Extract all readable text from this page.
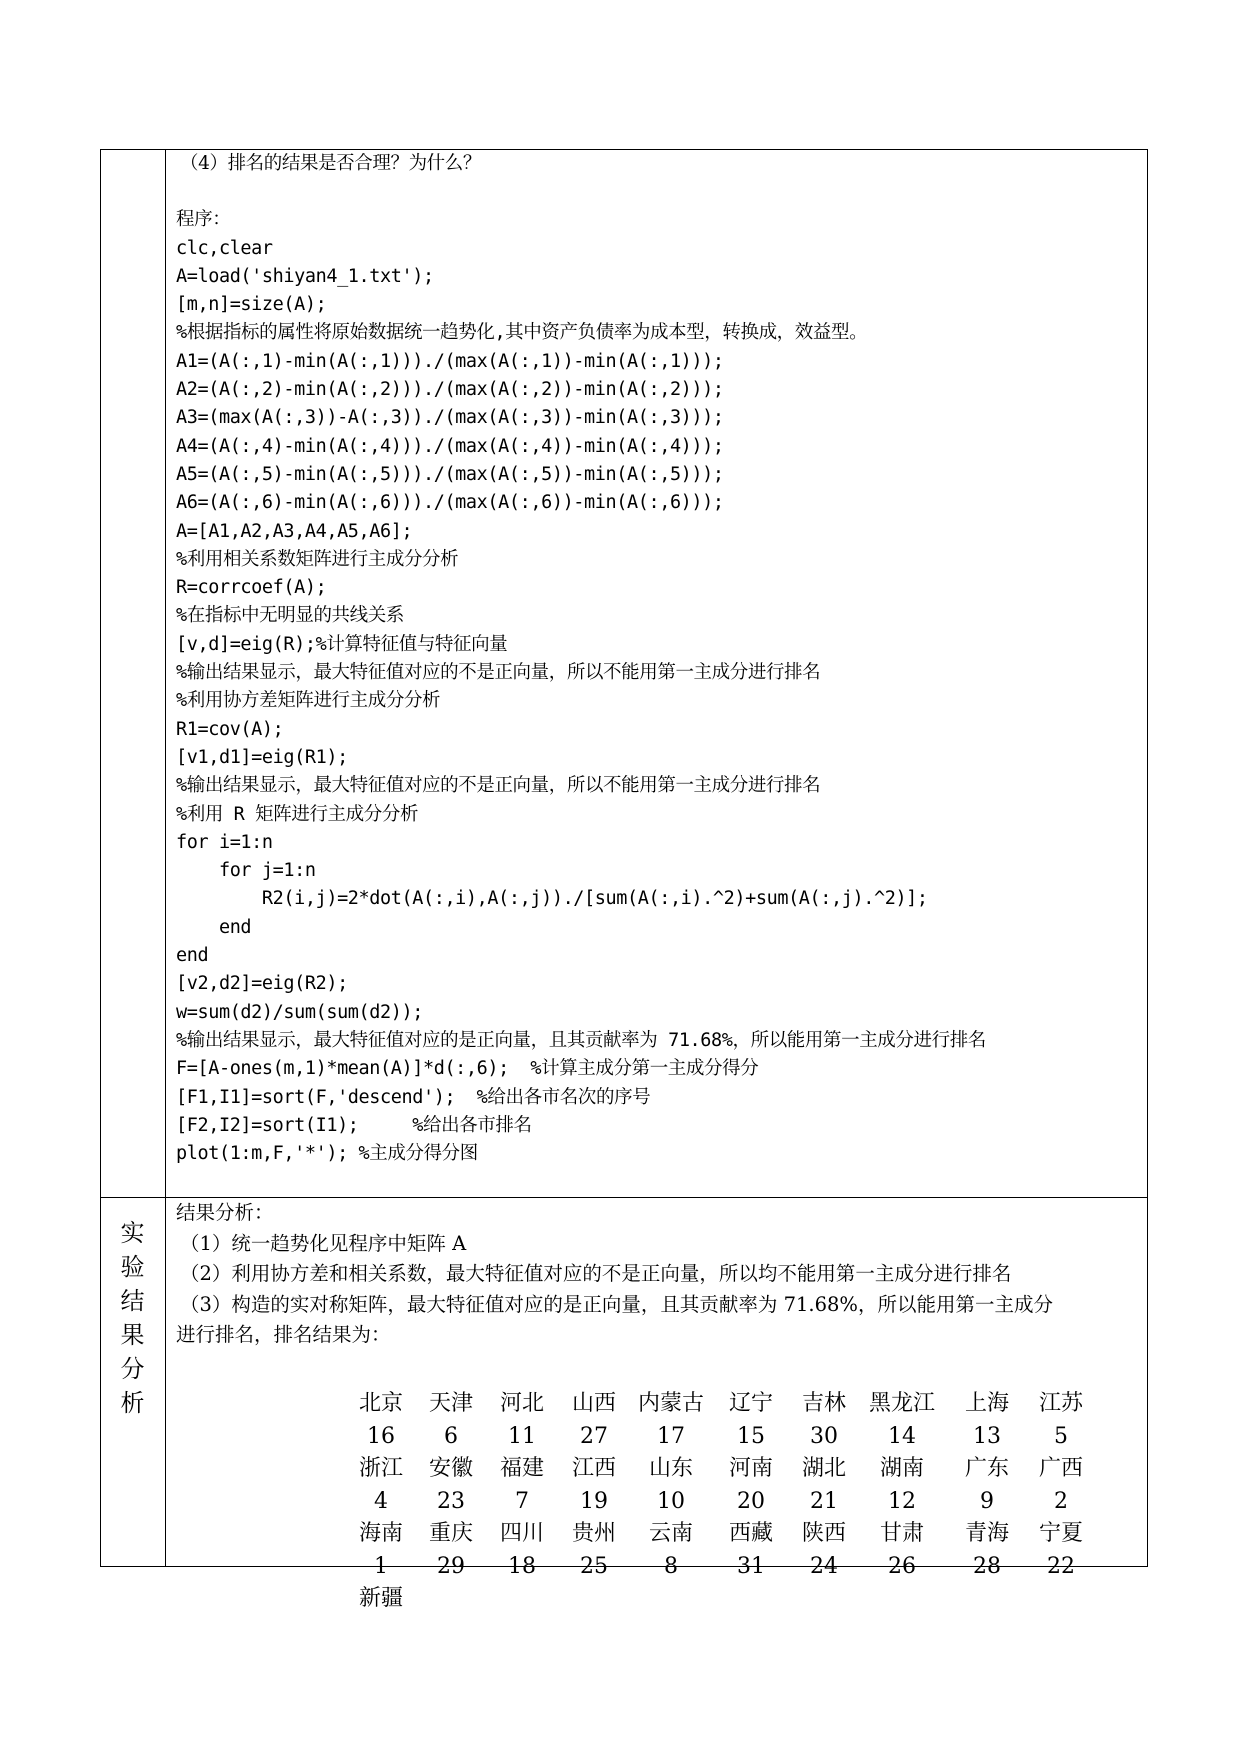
（4）排名的结果是否合理？为什么？
程序：
clc,clear
A=load('shiyan4_1.txt');
[m,n]=size(A);
%根据指标的属性将原始数据统一趋势化,其中资产负债率为成本型，转换成，效益型。
A1=(A(:,1)-min(A(:,1)))./(max(A(:,1))-min(A(:,1)));
A2=(A(:,2)-min(A(:,2)))./(max(A(:,2))-min(A(:,2)));
A3=(max(A(:,3))-A(:,3))./(max(A(:,3))-min(A(:,3)));
A4=(A(:,4)-min(A(:,4)))./(max(A(:,4))-min(A(:,4)));
A5=(A(:,5)-min(A(:,5)))./(max(A(:,5))-min(A(:,5)));
A6=(A(:,6)-min(A(:,6)))./(max(A(:,6))-min(A(:,6)));
A=[A1,A2,A3,A4,A5,A6];
%利用相关系数矩阵进行主成分分析
R=corrcoef(A);
%在指标中无明显的共线关系
[v,d]=eig(R);%计算特征值与特征向量
%输出结果显示，最大特征值对应的不是正向量，所以不能用第一主成分进行排名
%利用协方差矩阵进行主成分分析
R1=cov(A);
[v1,d1]=eig(R1);
%输出结果显示，最大特征值对应的不是正向量，所以不能用第一主成分进行排名
%利用 R 矩阵进行主成分分析
for i=1:n
for j=1:n
R2(i,j)=2*dot(A(:,i),A(:,j))./[sum(A(:,i).^2)+sum(A(:,j).^2)];
end
end
[v2,d2]=eig(R2);
w=sum(d2)/sum(sum(d2));
%输出结果显示，最大特征值对应的是正向量，且其贡献率为 71.68%，所以能用第一主成分进行排名
F=[A-ones(m,1)*mean(A)]*d(:,6);  %计算主成分第一主成分得分
[F1,I1]=sort(F,'descend');  %给出各市名次的序号
[F2,I2]=sort(I1);     %给出各市排名
plot(1:m,F,'*'); %主成分得分图
实
验
结
果
分
析
结果分析：
（1）统一趋势化见程序中矩阵 A
（2）利用协方差和相关系数，最大特征值对应的不是正向量，所以均不能用第一主成分进行排名
（3）构造的实对称矩阵，最大特征值对应的是正向量，且其贡献率为 71.68%，所以能用第一主成分
进行排名，排名结果为：
北京	天津	河北	山西 内蒙古	辽宁	吉林	黑龙江	上海	江苏
16	6	11	27	17	15	30	14	13	5
浙江	安徽	福建	江西	山东	河南	湖北	湖南	广东	广西
4	23	7	19	10	20	21	12	9	2
海南	重庆	四川	贵州	云南	西藏	陕西	甘肃	青海	宁夏
1	29	18	25	8	31	24	26	28	22
新疆
